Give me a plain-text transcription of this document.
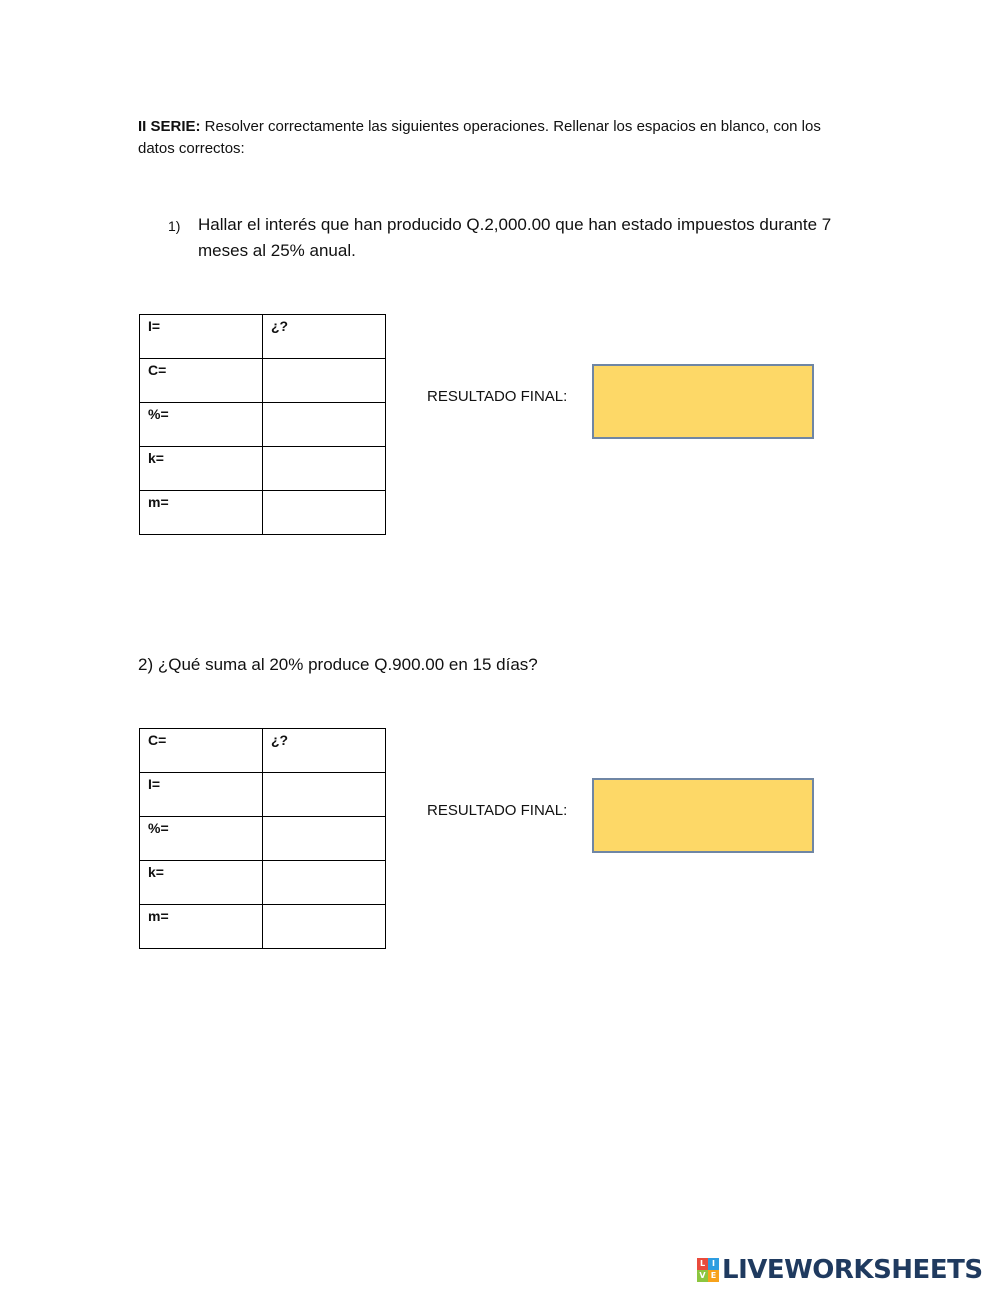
II SERIE: Resolver correctamente las siguientes operaciones. Rellenar los espacios en blanco, con los datos correctos:
1) Hallar el interés que han producido Q.2,000.00 que han estado impuestos durante 7 meses al 25% anual.
I=	¿?
C=	
%=	
k=	
m=	
RESULTADO FINAL:
2) ¿Qué suma al 20% produce Q.900.00 en 15 días?
C=	¿?
I=	
%=	
k=	
m=	
RESULTADO FINAL:
L I
V E LIVEWORKSHEETS
